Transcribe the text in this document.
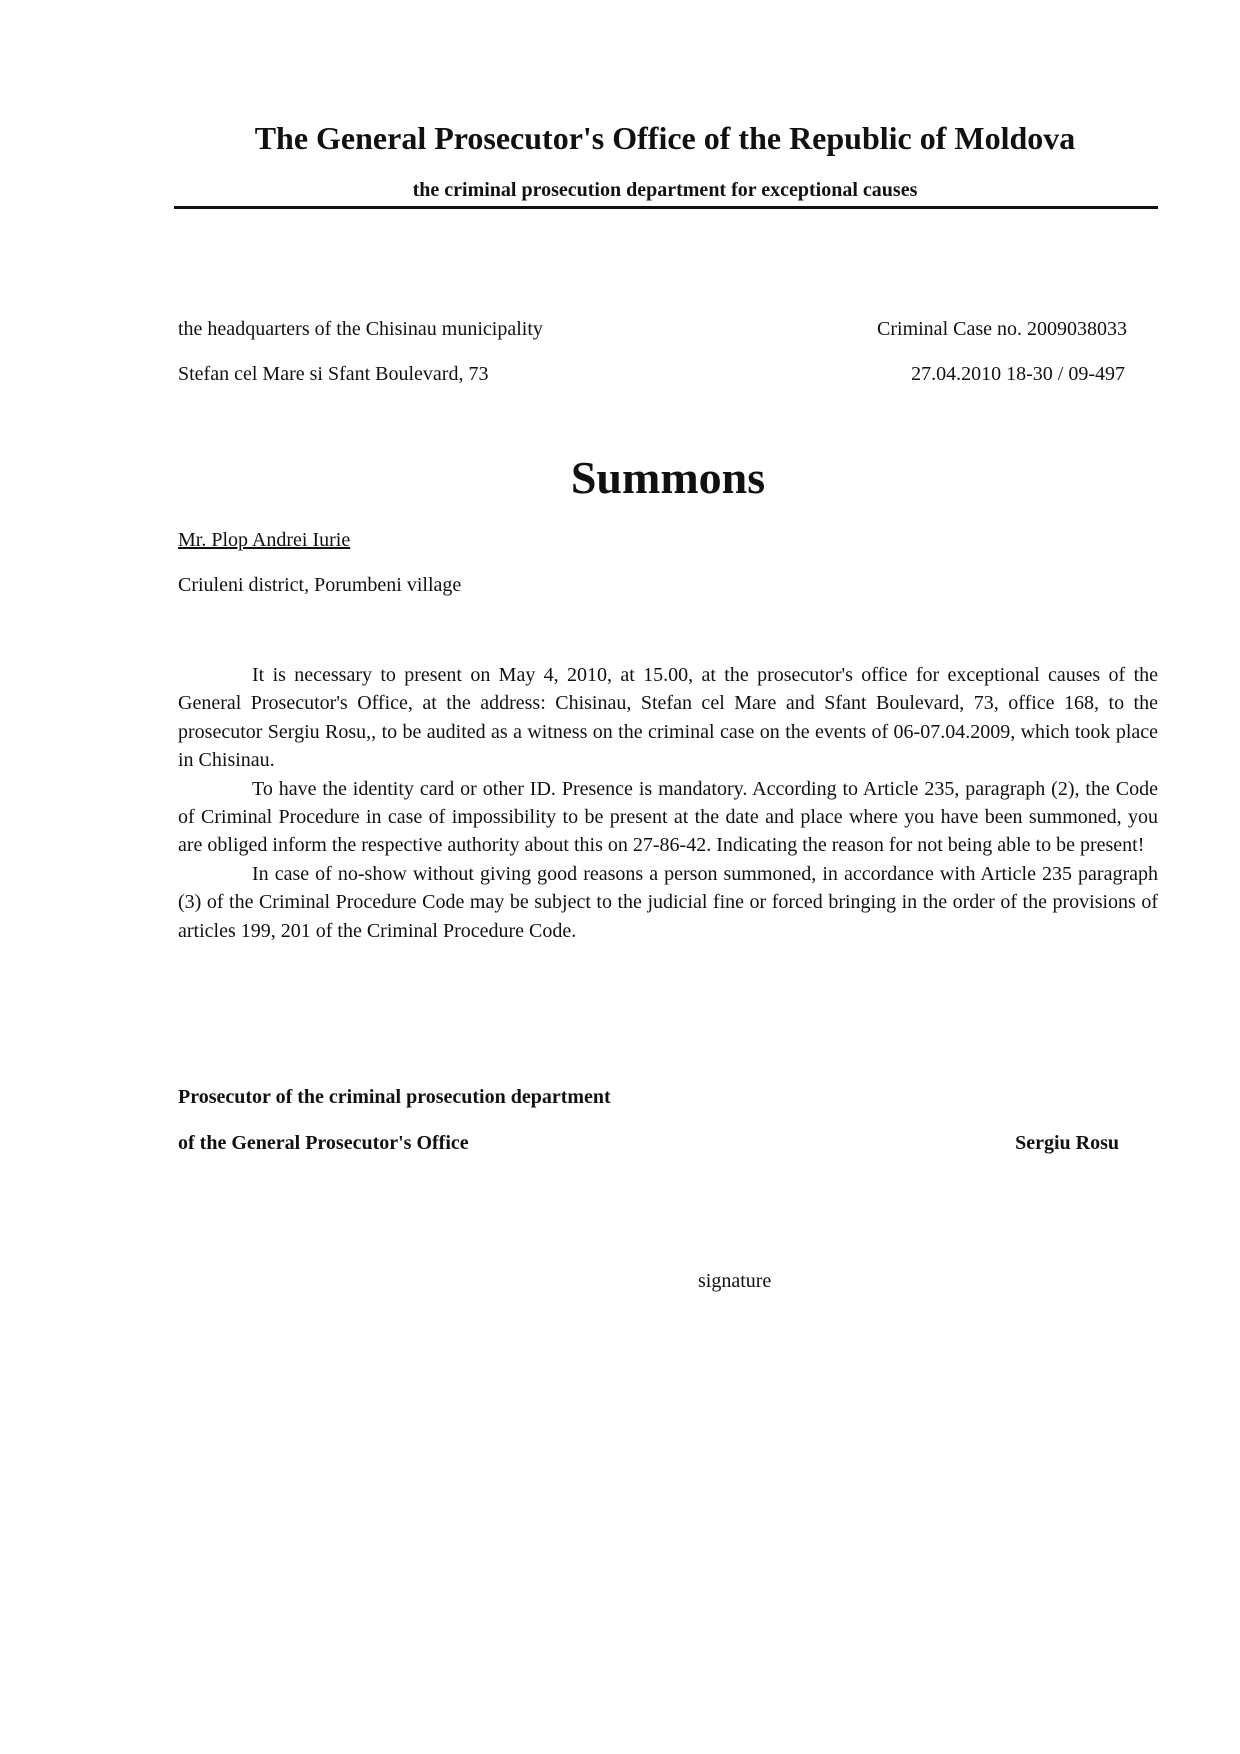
The General Prosecutor's Office of the Republic of Moldova
the criminal prosecution department for exceptional causes
the headquarters of the Chisinau municipality
Stefan cel Mare si Sfant Boulevard, 73
Criminal Case no. 2009038033
27.04.2010 18-30 / 09-497
Summons
Mr. Plop Andrei Iurie
Criuleni district, Porumbeni village

It is necessary to present on May 4, 2010, at 15.00, at the prosecutor's office for exceptional causes of the General Prosecutor's Office, at the address: Chisinau, Stefan cel Mare and Sfant Boulevard, 73, office 168, to the prosecutor Sergiu Rosu,, to be audited as a witness on the criminal case on the events of 06-07.04.2009, which took place in Chisinau.

To have the identity card or other ID. Presence is mandatory. According to Article 235, paragraph (2), the Code of Criminal Procedure in case of impossibility to be present at the date and place where you have been summoned, you are obliged inform the respective authority about this on 27-86-42. Indicating the reason for not being able to be present!

In case of no-show without giving good reasons a person summoned, in accordance with Article 235 paragraph (3) of the Criminal Procedure Code may be subject to the judicial fine or forced bringing in the order of the provisions of articles 199, 201 of the Criminal Procedure Code.

Prosecutor of the criminal prosecution department
of the General Prosecutor's Office	Sergiu Rosu
signature
